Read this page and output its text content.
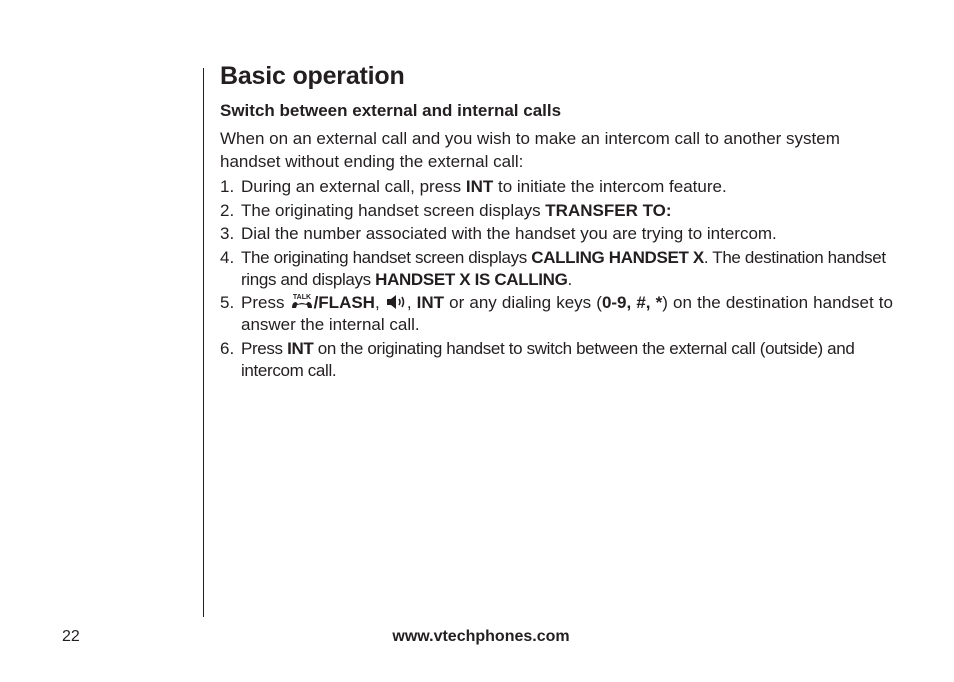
Basic operation
Switch between external and internal calls

When on an external call and you wish to make an intercom call to another system handset without ending the external call:

1. During an external call, press INT to initiate the intercom feature.
2. The originating handset screen displays TRANSFER TO:
3. Dial the number associated with the handset you are trying to intercom.
4. The originating handset screen displays CALLING HANDSET X. The destination handset rings and displays HANDSET X IS CALLING.
5. Press TALK /FLASH, , INT or any dialing keys (0-9, #, *) on the destination handset to answer the internal call.
6. Press INT on the originating handset to switch between the external call (outside) and intercom call.
22	www.vtechphones.com
